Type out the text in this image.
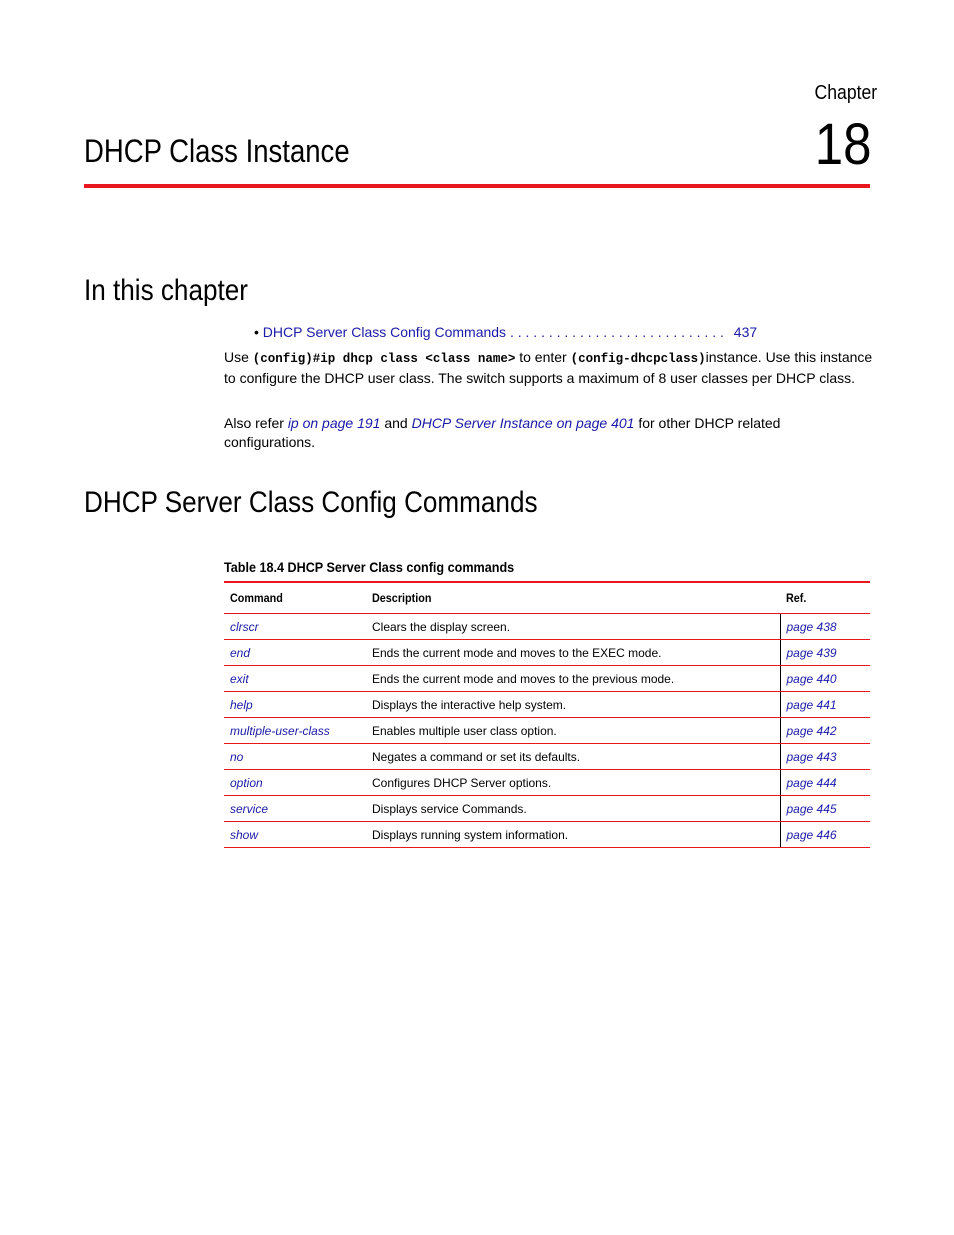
Chapter
18
DHCP Class Instance
In this chapter
• DHCP Server Class Config Commands . . . . . . . . . . . . . . . . . . . . . . . . . . . . 437

Use (config)#ip dhcp class <class name> to enter (config-dhcpclass)instance. Use this instance to configure the DHCP user class. The switch supports a maximum of 8 user classes per DHCP class.

Also refer ip on page 191 and DHCP Server Instance on page 401 for other DHCP related configurations.

DHCP Server Class Config Commands
Table 18.4 DHCP Server Class config commands
Command	Description	Ref.
clrscr	Clears the display screen.	page 438
end	Ends the current mode and moves to the EXEC mode.	page 439
exit	Ends the current mode and moves to the previous mode.	page 440
help	Displays the interactive help system.	page 441
multiple-user-class	Enables multiple user class option.	page 442
no	Negates a command or set its defaults.	page 443
option	Configures DHCP Server options.	page 444
service	Displays service Commands.	page 445
show	Displays running system information.	page 446
